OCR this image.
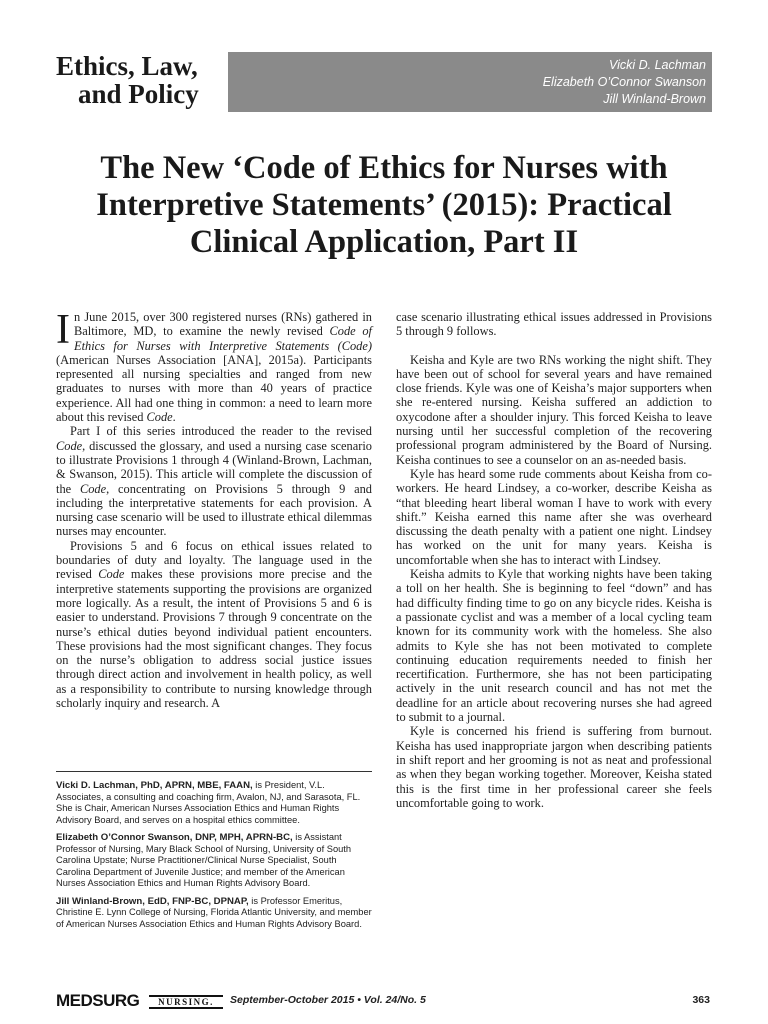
Ethics, Law,
and Policy
Vicki D. Lachman
Elizabeth O’Connor Swanson
Jill Winland-Brown
The New ‘Code of Ethics for Nurses with Interpretive Statements’ (2015): Practical Clinical Application, Part II

In June 2015, over 300 registered nurses (RNs) gathered in Baltimore, MD, to examine the newly revised Code of Ethics for Nurses with Interpretive Statements (Code) (American Nurses Association [ANA], 2015a). Participants represented all nursing specialties and ranged from new graduates to nurses with more than 40 years of practice experience. All had one thing in common: a need to learn more about this revised Code.

Part I of this series introduced the reader to the revised Code, discussed the glossary, and used a nursing case scenario to illustrate Provisions 1 through 4 (Winland-Brown, Lachman, & Swanson, 2015). This article will complete the discussion of the Code, concentrating on Provisions 5 through 9 and including the interpretative statements for each provision. A nursing case scenario will be used to illustrate ethical dilemmas nurses may encounter.

Provisions 5 and 6 focus on ethical issues related to boundaries of duty and loyalty. The language used in the revised Code makes these provisions more precise and the interpretive statements supporting the provisions are organized more logically. As a result, the intent of Provisions 5 and 6 is easier to understand. Provisions 7 through 9 concentrate on the nurse’s ethical duties beyond individual patient encounters. These provisions had the most significant changes. They focus on the nurse’s obligation to address social justice issues through direct action and involvement in health policy, as well as a responsibility to contribute to nursing knowledge through scholarly inquiry and research. A

case scenario illustrating ethical issues addressed in Provisions 5 through 9 follows.

Keisha and Kyle are two RNs working the night shift. They have been out of school for several years and have remained close friends. Kyle was one of Keisha’s major supporters when she re-entered nursing. Keisha suffered an addiction to oxycodone after a shoulder injury. This forced Keisha to leave nursing until her successful completion of the recovering professional program administered by the Board of Nursing. Keisha continues to see a counselor on an as-needed basis.

Kyle has heard some rude comments about Keisha from co-workers. He heard Lindsey, a co-worker, describe Keisha as “that bleeding heart liberal woman I have to work with every shift.” Keisha earned this name after she was overheard discussing the death penalty with a patient one night. Lindsey has worked on the unit for many years. Keisha is uncomfortable when she has to interact with Lindsey.

Keisha admits to Kyle that working nights have been taking a toll on her health. She is beginning to feel “down” and has had difficulty finding time to go on any bicycle rides. Keisha is a passionate cyclist and was a member of a local cycling team known for its community work with the homeless. She also admits to Kyle she has not been motivated to complete continuing education requirements needed to finish her recertification. Furthermore, she has not been participating actively in the unit research council and has not met the deadline for an article about recovering nurses she had agreed to submit to a journal.

Kyle is concerned his friend is suffering from burnout. Keisha has used inappropriate jargon when describing patients in shift report and her grooming is not as neat and professional as when they began working together. Moreover, Keisha stated this is the first time in her professional career she feels uncomfortable going to work.

Vicki D. Lachman, PhD, APRN, MBE, FAAN, is President, V.L. Associates, a consulting and coaching firm, Avalon, NJ, and Sarasota, FL. She is Chair, American Nurses Association Ethics and Human Rights Advisory Board, and serves on a hospital ethics committee.

Elizabeth O’Connor Swanson, DNP, MPH, APRN-BC, is Assistant Professor of Nursing, Mary Black School of Nursing, University of South Carolina Upstate; Nurse Practitioner/Clinical Nurse Specialist, South Carolina Department of Juvenile Justice; and member of the American Nurses Association Ethics and Human Rights Advisory Board.

Jill Winland-Brown, EdD, FNP-BC, DPNAP, is Professor Emeritus, Christine E. Lynn College of Nursing, Florida Atlantic University, and member of American Nurses Association Ethics and Human Rights Advisory Board.

MEDSURG	NURSING.	September-October 2015 • Vol. 24/No. 5	363
